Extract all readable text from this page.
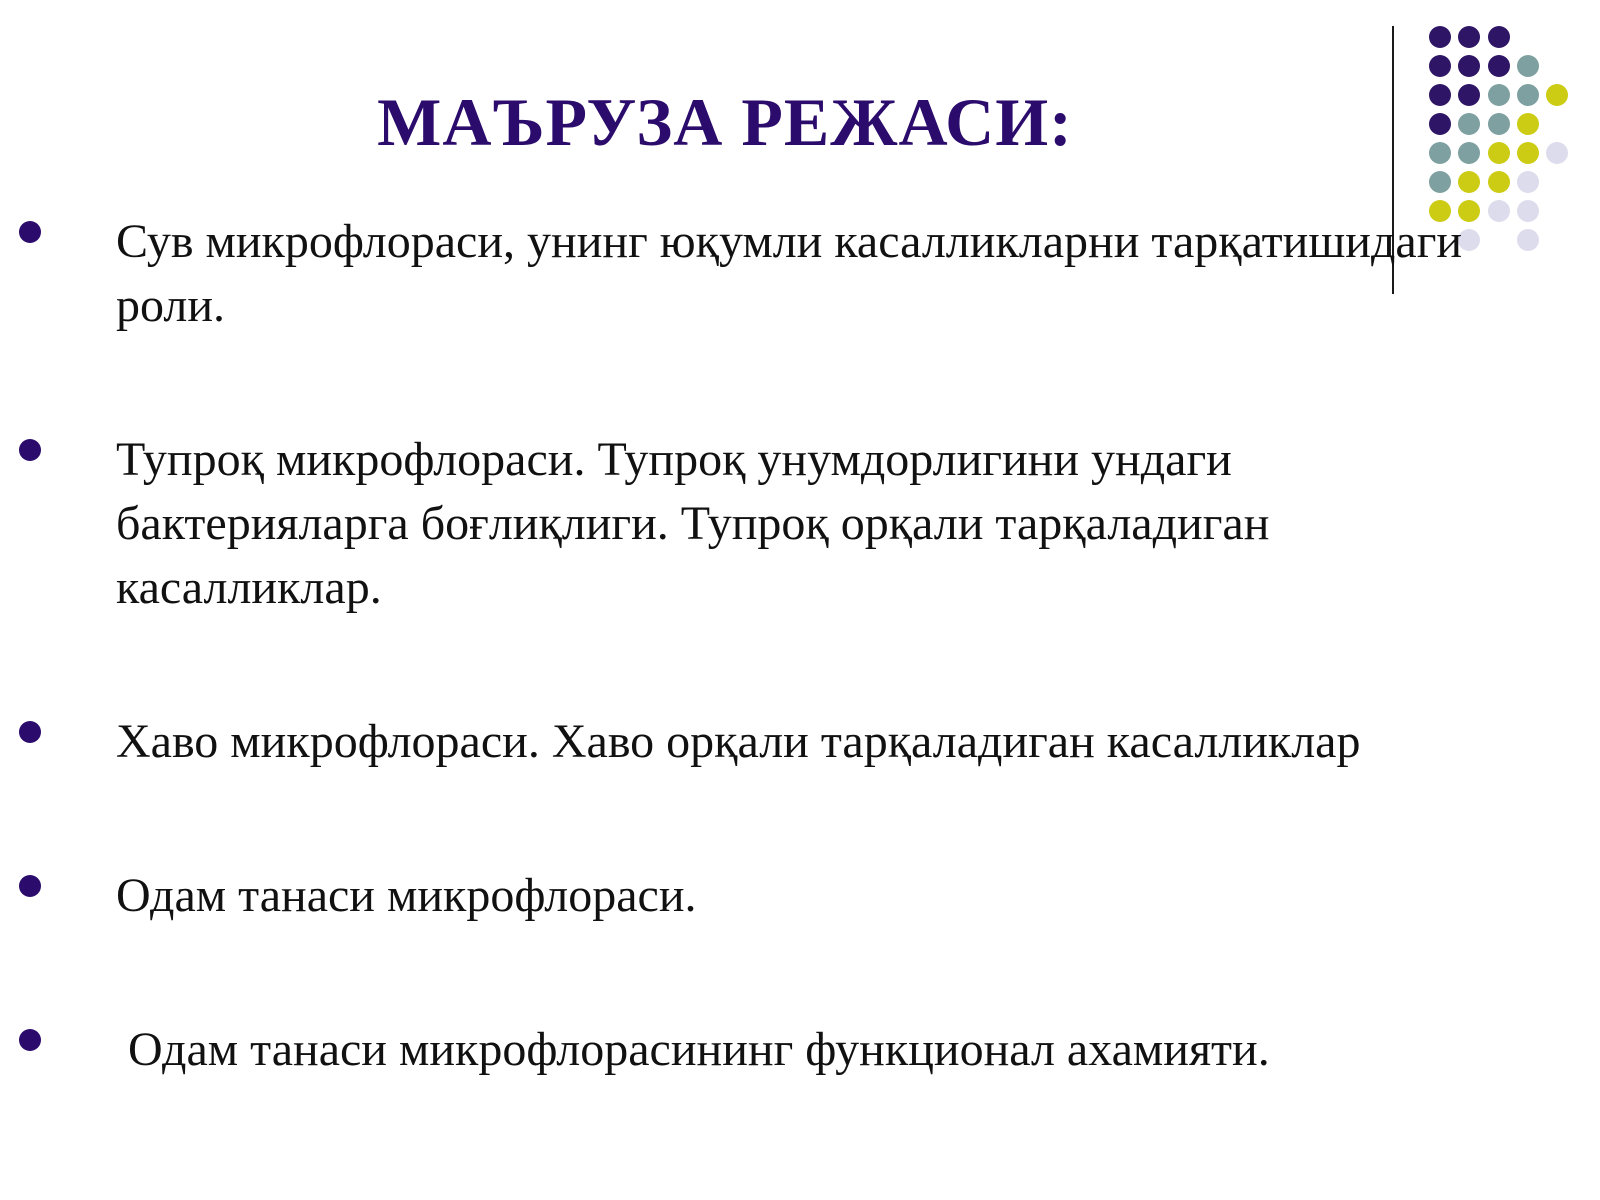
МАЪРУЗА РЕЖАСИ:
Сув микрофлораси, унинг юқумли касалликларни тарқатишидаги роли.
Тупроқ микрофлораси. Тупроқ унумдорлигини ундаги бактерияларга боғлиқлиги. Тупроқ орқали тарқаладиган касалликлар.
Хаво микрофлораси. Хаво орқали тарқаладиган касалликлар
Одам танаси микрофлораси.
Одам танаси микрофлорасининг функционал ахамияти.
